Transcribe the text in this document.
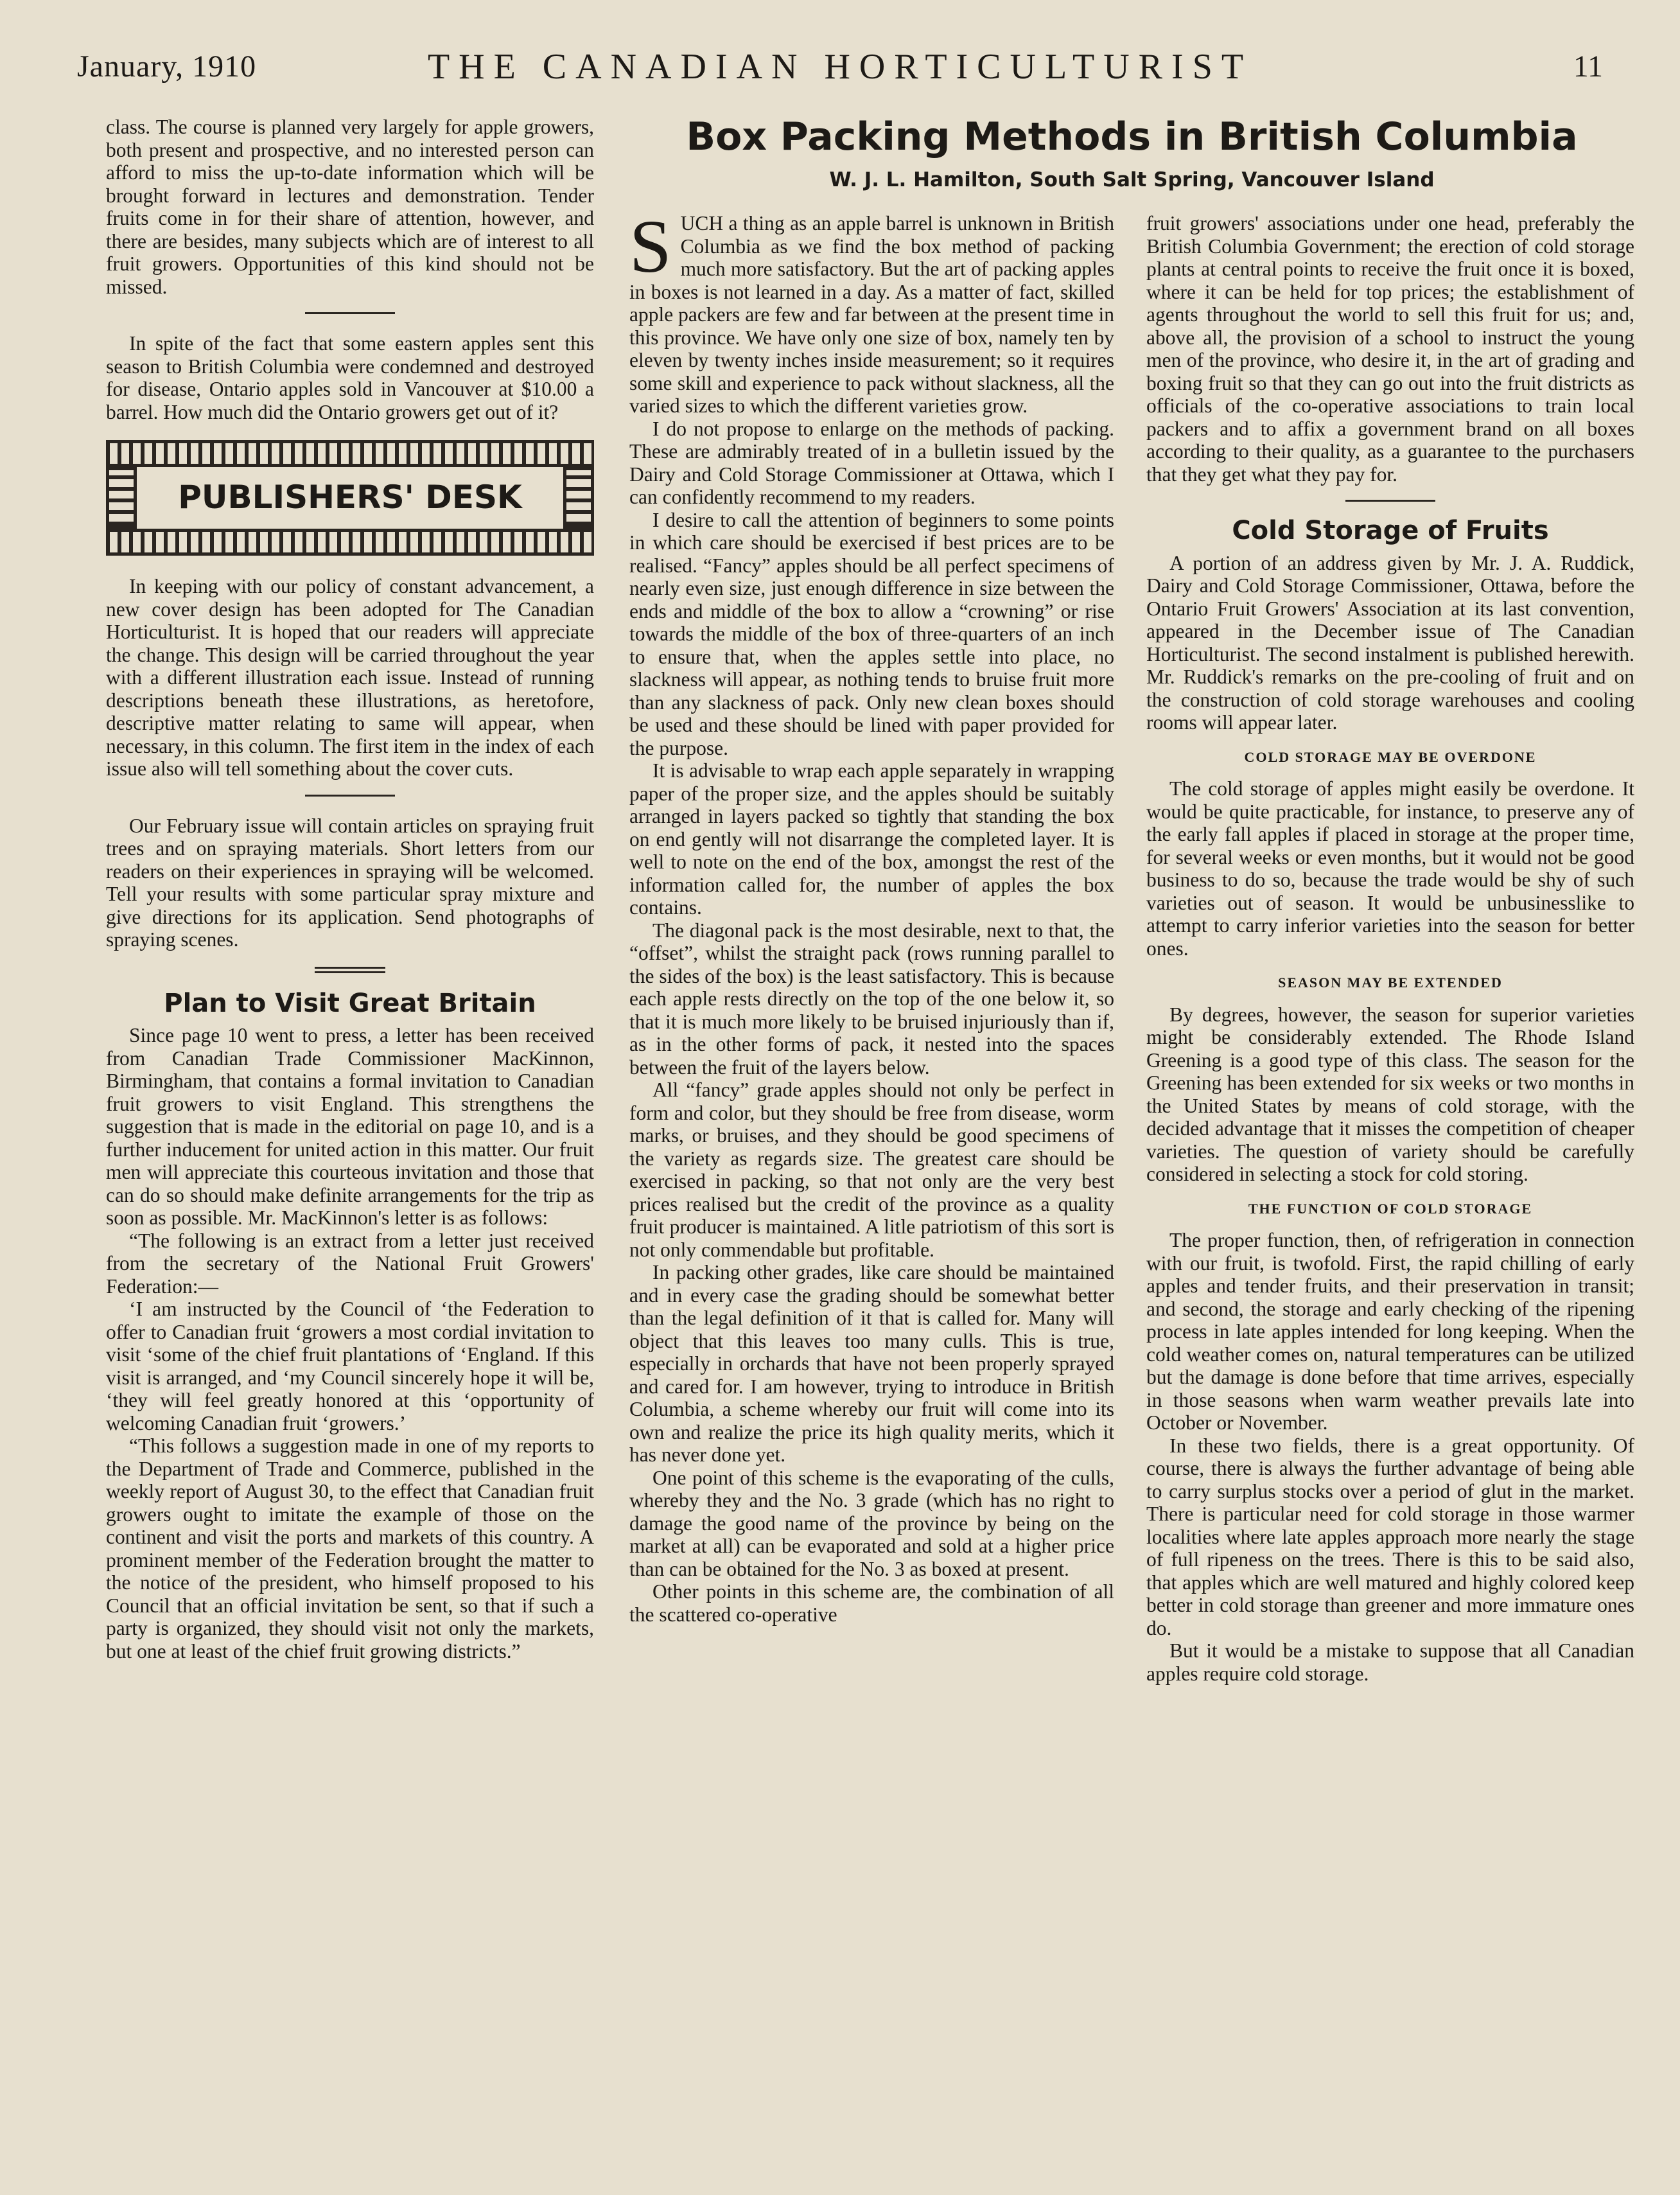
January, 1910	THE CANADIAN HORTICULTURIST	11

class. The course is planned very largely for apple growers, both present and prospective, and no interested person can afford to miss the up-to-date information which will be brought forward in lectures and demonstration. Tender fruits come in for their share of attention, however, and there are besides, many subjects which are of interest to all fruit growers. Opportunities of this kind should not be missed.

In spite of the fact that some eastern apples sent this season to British Columbia were condemned and destroyed for disease, Ontario apples sold in Vancouver at $10.00 a barrel. How much did the Ontario growers get out of it?

PUBLISHERS' DESK

In keeping with our policy of constant advancement, a new cover design has been adopted for The Canadian Horticulturist. It is hoped that our readers will appreciate the change. This design will be carried throughout the year with a different illustration each issue. Instead of running descriptions beneath these illustrations, as heretofore, descriptive matter relating to same will appear, when necessary, in this column. The first item in the index of each issue also will tell something about the cover cuts.

Our February issue will contain articles on spraying fruit trees and on spraying materials. Short letters from our readers on their experiences in spraying will be welcomed. Tell your results with some particular spray mixture and give directions for its application. Send photographs of spraying scenes.

Plan to Visit Great Britain

Since page 10 went to press, a letter has been received from Canadian Trade Commissioner MacKinnon, Birmingham, that contains a formal invitation to Canadian fruit growers to visit England. This strengthens the suggestion that is made in the editorial on page 10, and is a further inducement for united action in this matter. Our fruit men will appreciate this courteous invitation and those that can do so should make definite arrangements for the trip as soon as possible. Mr. MacKinnon's letter is as follows:

“The following is an extract from a letter just received from the secretary of the National Fruit Growers' Federation:—

‘I am instructed by the Council of ‘the Federation to offer to Canadian fruit ‘growers a most cordial invitation to visit ‘some of the chief fruit plantations of ‘England. If this visit is arranged, and ‘my Council sincerely hope it will be, ‘they will feel greatly honored at this ‘opportunity of welcoming Canadian fruit ‘growers.’

“This follows a suggestion made in one of my reports to the Department of Trade and Commerce, published in the weekly report of August 30, to the effect that Canadian fruit growers ought to imitate the example of those on the continent and visit the ports and markets of this country. A prominent member of the Federation brought the matter to the notice of the president, who himself proposed to his Council that an official invitation be sent, so that if such a party is organized, they should visit not only the markets, but one at least of the chief fruit growing districts.”

Box Packing Methods in British Columbia
W. J. L. Hamilton, South Salt Spring, Vancouver Island

SUCH a thing as an apple barrel is unknown in British Columbia as we find the box method of packing much more satisfactory. But the art of packing apples in boxes is not learned in a day. As a matter of fact, skilled apple packers are few and far between at the present time in this province. We have only one size of box, namely ten by eleven by twenty inches inside measurement; so it requires some skill and experience to pack without slackness, all the varied sizes to which the different varieties grow.

I do not propose to enlarge on the methods of packing. These are admirably treated of in a bulletin issued by the Dairy and Cold Storage Commissioner at Ottawa, which I can confidently recommend to my readers.

I desire to call the attention of beginners to some points in which care should be exercised if best prices are to be realised. “Fancy” apples should be all perfect specimens of nearly even size, just enough difference in size between the ends and middle of the box to allow a “crowning” or rise towards the middle of the box of three-quarters of an inch to ensure that, when the apples settle into place, no slackness will appear, as nothing tends to bruise fruit more than any slackness of pack. Only new clean boxes should be used and these should be lined with paper provided for the purpose.

It is advisable to wrap each apple separately in wrapping paper of the proper size, and the apples should be suitably arranged in layers packed so tightly that standing the box on end gently will not disarrange the completed layer. It is well to note on the end of the box, amongst the rest of the information called for, the number of apples the box contains.

The diagonal pack is the most desirable, next to that, the “offset”, whilst the straight pack (rows running parallel to the sides of the box) is the least satisfactory. This is because each apple rests directly on the top of the one below it, so that it is much more likely to be bruised injuriously than if, as in the other forms of pack, it nested into the spaces between the fruit of the layers below.

All “fancy” grade apples should not only be perfect in form and color, but they should be free from disease, worm marks, or bruises, and they should be good specimens of the variety as regards size. The greatest care should be exercised in packing, so that not only are the very best prices realised but the credit of the province as a quality fruit producer is maintained. A litle patriotism of this sort is not only commendable but profitable.

In packing other grades, like care should be maintained and in every case the grading should be somewhat better than the legal definition of it that is called for. Many will object that this leaves too many culls. This is true, especially in orchards that have not been properly sprayed and cared for. I am however, trying to introduce in British Columbia, a scheme whereby our fruit will come into its own and realize the price its high quality merits, which it has never done yet.

One point of this scheme is the evaporating of the culls, whereby they and the No. 3 grade (which has no right to damage the good name of the province by being on the market at all) can be evaporated and sold at a higher price than can be obtained for the No. 3 as boxed at present.

Other points in this scheme are, the combination of all the scattered co-operative

fruit growers' associations under one head, preferably the British Columbia Government; the erection of cold storage plants at central points to receive the fruit once it is boxed, where it can be held for top prices; the establishment of agents throughout the world to sell this fruit for us; and, above all, the provision of a school to instruct the young men of the province, who desire it, in the art of grading and boxing fruit so that they can go out into the fruit districts as officials of the co-operative associations to train local packers and to affix a government brand on all boxes according to their quality, as a guarantee to the purchasers that they get what they pay for.

Cold Storage of Fruits

A portion of an address given by Mr. J. A. Ruddick, Dairy and Cold Storage Commissioner, Ottawa, before the Ontario Fruit Growers' Association at its last convention, appeared in the December issue of The Canadian Horticulturist. The second instalment is published herewith. Mr. Ruddick's remarks on the pre-cooling of fruit and on the construction of cold storage warehouses and cooling rooms will appear later.

COLD STORAGE MAY BE OVERDONE

The cold storage of apples might easily be overdone. It would be quite practicable, for instance, to preserve any of the early fall apples if placed in storage at the proper time, for several weeks or even months, but it would not be good business to do so, because the trade would be shy of such varieties out of season. It would be unbusinesslike to attempt to carry inferior varieties into the season for better ones.

SEASON MAY BE EXTENDED

By degrees, however, the season for superior varieties might be considerably extended. The Rhode Island Greening is a good type of this class. The season for the Greening has been extended for six weeks or two months in the United States by means of cold storage, with the decided advantage that it misses the competition of cheaper varieties. The question of variety should be carefully considered in selecting a stock for cold storing.

THE FUNCTION OF COLD STORAGE

The proper function, then, of refrigeration in connection with our fruit, is twofold. First, the rapid chilling of early apples and tender fruits, and their preservation in transit; and second, the storage and early checking of the ripening process in late apples intended for long keeping. When the cold weather comes on, natural temperatures can be utilized but the damage is done before that time arrives, especially in those seasons when warm weather prevails late into October or November.

In these two fields, there is a great opportunity. Of course, there is always the further advantage of being able to carry surplus stocks over a period of glut in the market. There is particular need for cold storage in those warmer localities where late apples approach more nearly the stage of full ripeness on the trees. There is this to be said also, that apples which are well matured and highly colored keep better in cold storage than greener and more immature ones do.

But it would be a mistake to suppose that all Canadian apples require cold storage.
